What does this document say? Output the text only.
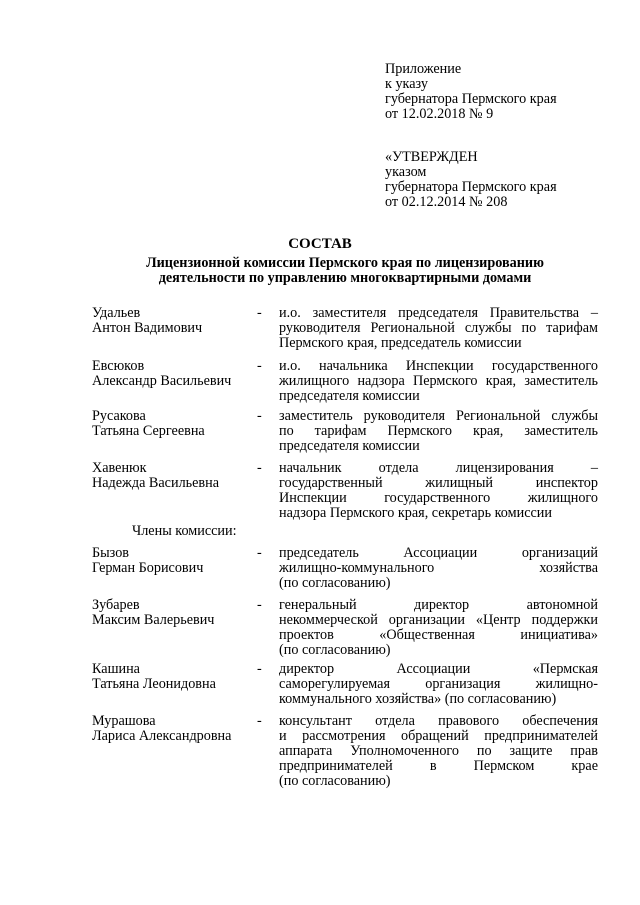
Приложение
к указу
губернатора Пермского края
от 12.02.2018 № 9
«УТВЕРЖДЕН
указом
губернатора Пермского края
от 02.12.2014 № 208
СОСТАВ
Лицензионной комиссии Пермского края по лицензированию
деятельности по управлению многоквартирными домами
Удальев
Антон Вадимович
- и.о. заместителя председателя Правительства –
руководителя Региональной службы по тарифам
Пермского края, председатель комиссии
Евсюков
Александр Васильевич
- и.о. начальника Инспекции государственного
жилищного надзора Пермского края, заместитель
председателя комиссии
Русакова
Татьяна Сергеевна
- заместитель руководителя Региональной службы
по тарифам Пермского края, заместитель
председателя комиссии
Хавенюк
Надежда Васильевна
- начальник отдела лицензирования –
государственный жилищный инспектор
Инспекции государственного жилищного
надзора Пермского края, секретарь комиссии
Члены комиссии:
Бызов
Герман Борисович
- председатель Ассоциации организаций
жилищно-коммунального хозяйства
(по согласованию)
Зубарев
Максим Валерьевич
- генеральный директор автономной
некоммерческой организации «Центр поддержки
проектов «Общественная инициатива»
(по согласованию)
Кашина
Татьяна Леонидовна
- директор Ассоциации «Пермская
саморегулируемая организация жилищно-
коммунального хозяйства» (по согласованию)
Мурашова
Лариса Александровна
- консультант отдела правового обеспечения
и рассмотрения обращений предпринимателей
аппарата Уполномоченного по защите прав
предпринимателей в Пермском крае
(по согласованию)
